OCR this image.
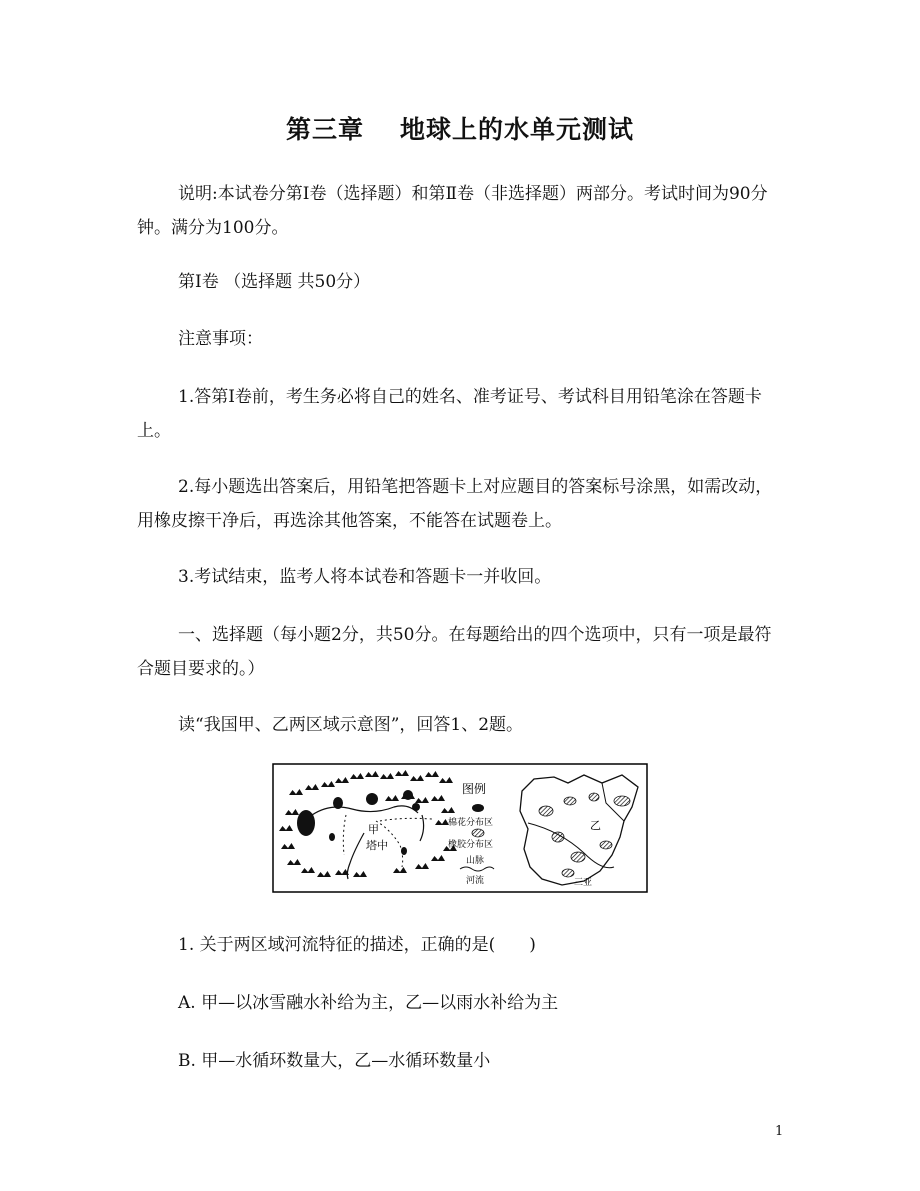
第三章 地球上的水单元测试

说明:本试卷分第Ⅰ卷（选择题）和第Ⅱ卷（非选择题）两部分。考试时间为90分钟。满分为100分。

第Ⅰ卷 （选择题 共50分）

注意事项：

1.答第Ⅰ卷前，考生务必将自己的姓名、准考证号、考试科目用铅笔涂在答题卡上。

2.每小题选出答案后，用铅笔把答题卡上对应题目的答案标号涂黑，如需改动，用橡皮擦干净后，再选涂其他答案，不能答在试题卷上。

3.考试结束，监考人将本试卷和答题卡一并收回。

一、选择题（每小题2分，共50分。在每题给出的四个选项中，只有一项是最符合题目要求的。）

读“我国甲、乙两区域示意图”，回答1、2题。

甲
塔中
图例
棉花分布区
橡胶分布区
山脉
河流
乙
三亚

1. 关于两区域河流特征的描述，正确的是(　　)

A. 甲—以冰雪融水补给为主，乙—以雨水补给为主

B. 甲—水循环数量大，乙—水循环数量小

1
